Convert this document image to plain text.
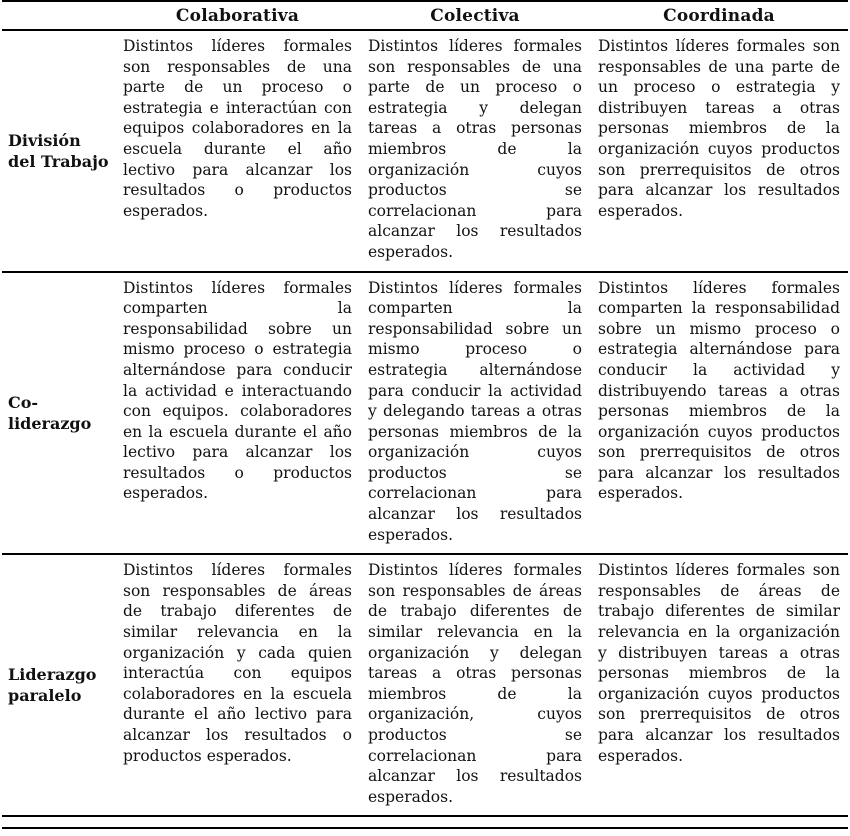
	Colaborativa	Colectiva	Coordinada
División del Trabajo	Distintos líderes formales son responsables de una parte de un proceso o estrategia e interactúan con equipos colaboradores en la escuela durante el año lectivo para alcanzar los resultados o productos esperados.	Distintos líderes formales son responsables de una parte de un proceso o estrategia y delegan tareas a otras personas miembros de la organización cuyos productos se correlacionan para alcanzar los resultados esperados.	Distintos líderes formales son responsables de una parte de un proceso o estrategia y distribuyen tareas a otras personas miembros de la organización cuyos productos son prerrequisitos de otros para alcanzar los resultados esperados.
Co-liderazgo	Distintos líderes formales comparten la responsabilidad sobre un mismo proceso o estrategia alternándose para conducir la actividad e interactuando con equipos. colaboradores en la escuela durante el año lectivo para alcanzar los resultados o productos esperados.	Distintos líderes formales comparten la responsabilidad sobre un mismo proceso o estrategia alternándose para conducir la actividad y delegando tareas a otras personas miembros de la organización cuyos productos se correlacionan para alcanzar los resultados esperados.	Distintos líderes formales comparten la responsabilidad sobre un mismo proceso o estrategia alternándose para conducir la actividad y distribuyendo tareas a otras personas miembros de la organización cuyos productos son prerrequisitos de otros para alcanzar los resultados esperados.
Liderazgo paralelo	Distintos líderes formales son responsables de áreas de trabajo diferentes de similar relevancia en la organización y cada quien interactúa con equipos colaboradores en la escuela durante el año lectivo para alcanzar los resultados o productos esperados.	Distintos líderes formales son responsables de áreas de trabajo diferentes de similar relevancia en la organización y delegan tareas a otras personas miembros de la organización, cuyos productos se correlacionan para alcanzar los resultados esperados.	Distintos líderes formales son responsables de áreas de trabajo diferentes de similar relevancia en la organización y distribuyen tareas a otras personas miembros de la organización cuyos productos son prerrequisitos de otros para alcanzar los resultados esperados.
